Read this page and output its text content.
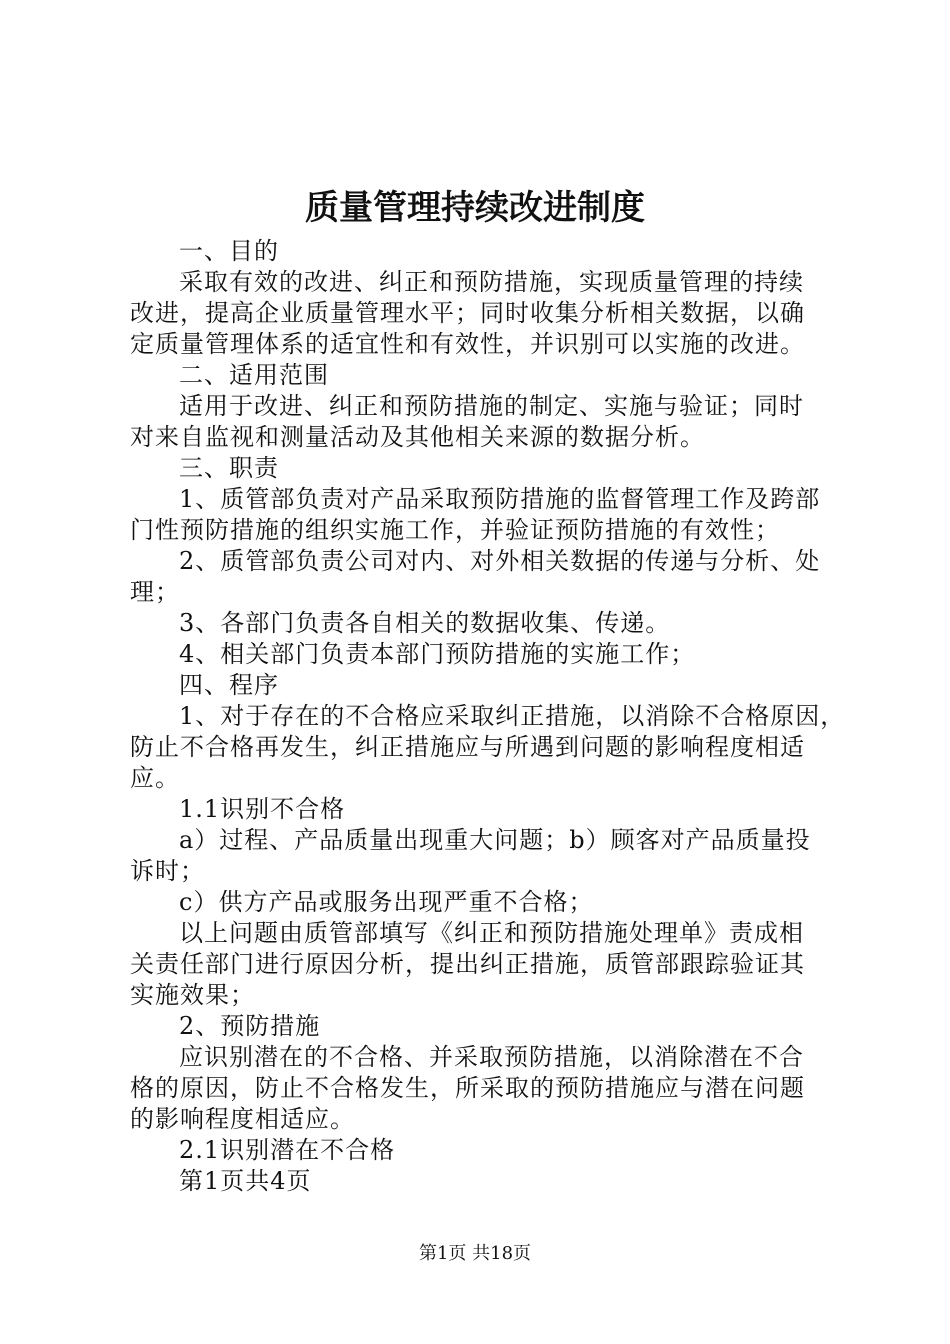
质量管理持续改进制度
一、目的
采取有效的改进、纠正和预防措施，实现质量管理的持续
改进，提高企业质量管理水平；同时收集分析相关数据，以确
定质量管理体系的适宜性和有效性，并识别可以实施的改进。
二、适用范围
适用于改进、纠正和预防措施的制定、实施与验证；同时
对来自监视和测量活动及其他相关来源的数据分析。
三、职责
1、质管部负责对产品采取预防措施的监督管理工作及跨部
门性预防措施的组织实施工作，并验证预防措施的有效性；
2、质管部负责公司对内、对外相关数据的传递与分析、处
理；
3、各部门负责各自相关的数据收集、传递。
4、相关部门负责本部门预防措施的实施工作；
四、程序
1、对于存在的不合格应采取纠正措施，以消除不合格原因，
防止不合格再发生，纠正措施应与所遇到问题的影响程度相适
应。
1.1识别不合格
a）过程、产品质量出现重大问题；b）顾客对产品质量投
诉时；
c）供方产品或服务出现严重不合格；
以上问题由质管部填写《纠正和预防措施处理单》责成相
关责任部门进行原因分析，提出纠正措施，质管部跟踪验证其
实施效果；
2、预防措施
应识别潜在的不合格、并采取预防措施，以消除潜在不合
格的原因，防止不合格发生，所采取的预防措施应与潜在问题
的影响程度相适应。
2.1识别潜在不合格
第1页共4页
第1页 共18页
